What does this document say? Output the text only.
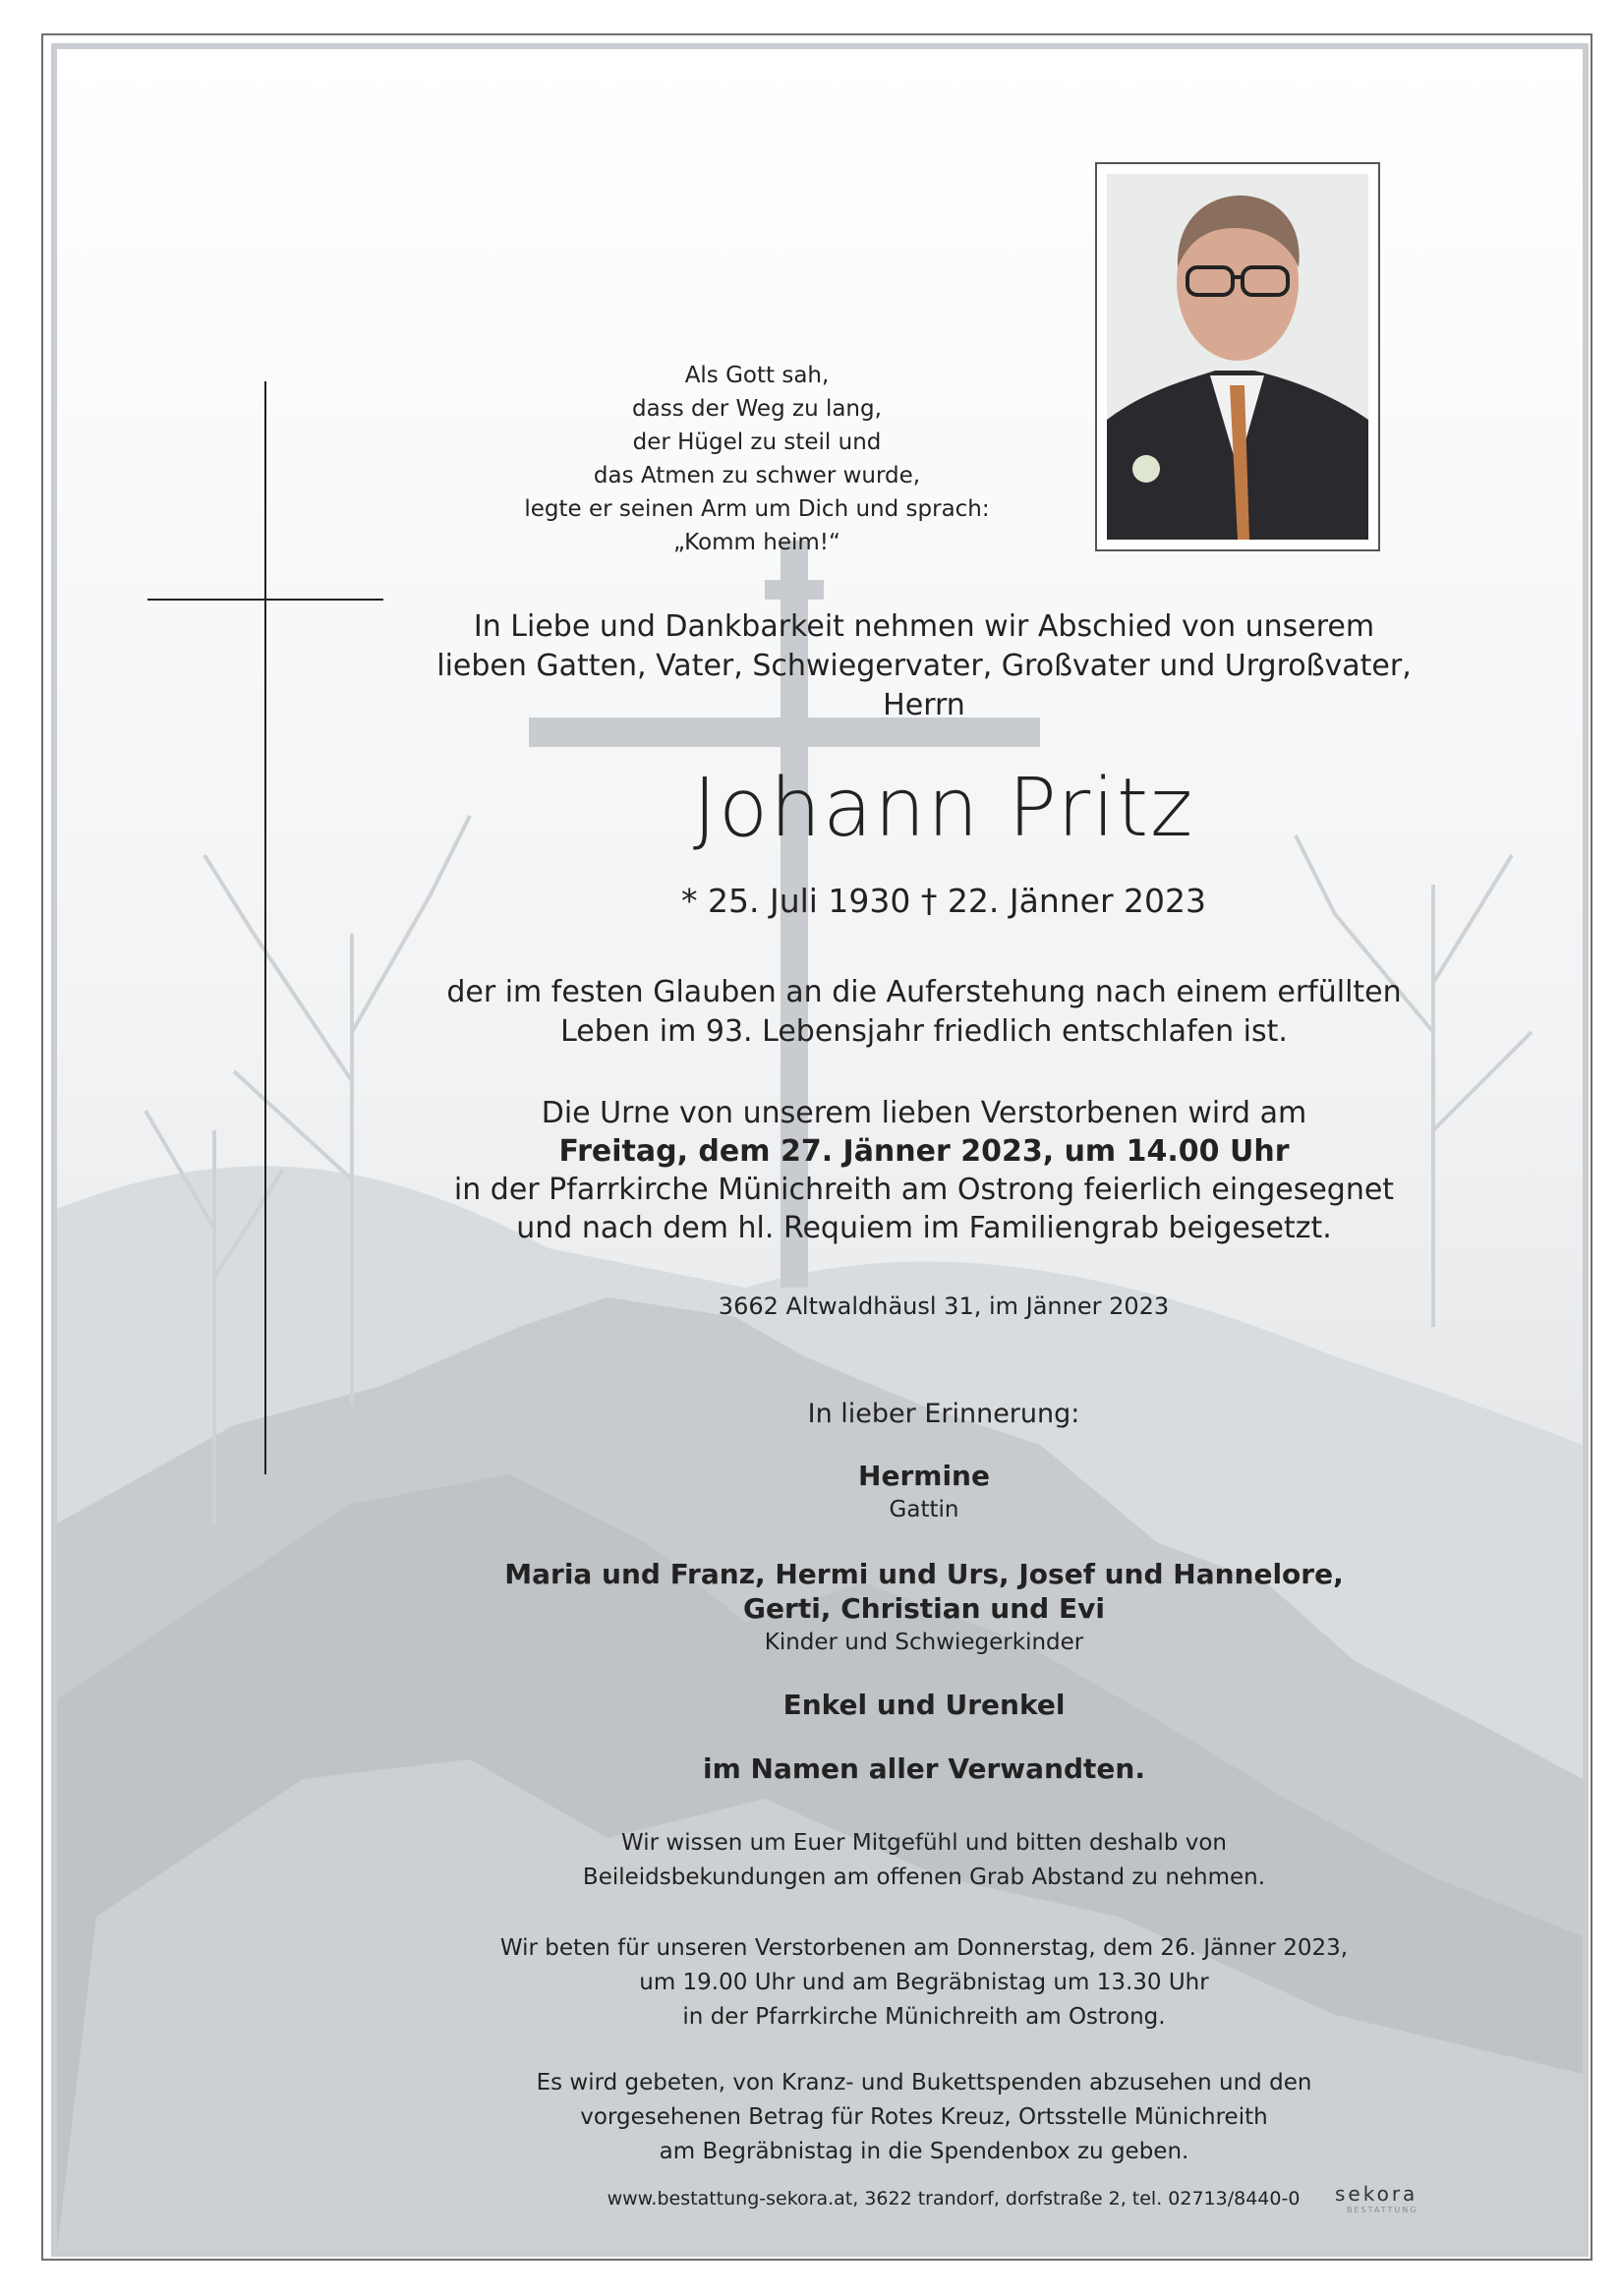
Als Gott sah,
dass der Weg zu lang,
der Hügel zu steil und
das Atmen zu schwer wurde,
legte er seinen Arm um Dich und sprach:
„Komm heim!“
In Liebe und Dankbarkeit nehmen wir Abschied von unserem
lieben Gatten, Vater, Schwiegervater, Großvater und Urgroßvater,
Herrn
Johann Pritz
* 25. Juli 1930 † 22. Jänner 2023
der im festen Glauben an die Auferstehung nach einem erfüllten
Leben im 93. Lebensjahr friedlich entschlafen ist.
Die Urne von unserem lieben Verstorbenen wird am
Freitag, dem 27. Jänner 2023, um 14.00 Uhr
in der Pfarrkirche Münichreith am Ostrong feierlich eingesegnet
und nach dem hl. Requiem im Familiengrab beigesetzt.
3662 Altwaldhäusl 31, im Jänner 2023
In lieber Erinnerung:
Hermine
Gattin
Maria und Franz, Hermi und Urs, Josef und Hannelore,
Gerti, Christian und Evi
Kinder und Schwiegerkinder
Enkel und Urenkel
im Namen aller Verwandten.
Wir wissen um Euer Mitgefühl und bitten deshalb von
Beileidsbekundungen am offenen Grab Abstand zu nehmen.
Wir beten für unseren Verstorbenen am Donnerstag, dem 26. Jänner 2023,
um 19.00 Uhr und am Begräbnistag um 13.30 Uhr
in der Pfarrkirche Münichreith am Ostrong.
Es wird gebeten, von Kranz- und Bukettspenden abzusehen und den
vorgesehenen Betrag für Rotes Kreuz, Ortsstelle Münichreith
am Begräbnistag in die Spendenbox zu geben.
www.bestattung-sekora.at, 3622 trandorf, dorfstraße 2, tel. 02713/8440-0	sekora
BESTATTUNG
